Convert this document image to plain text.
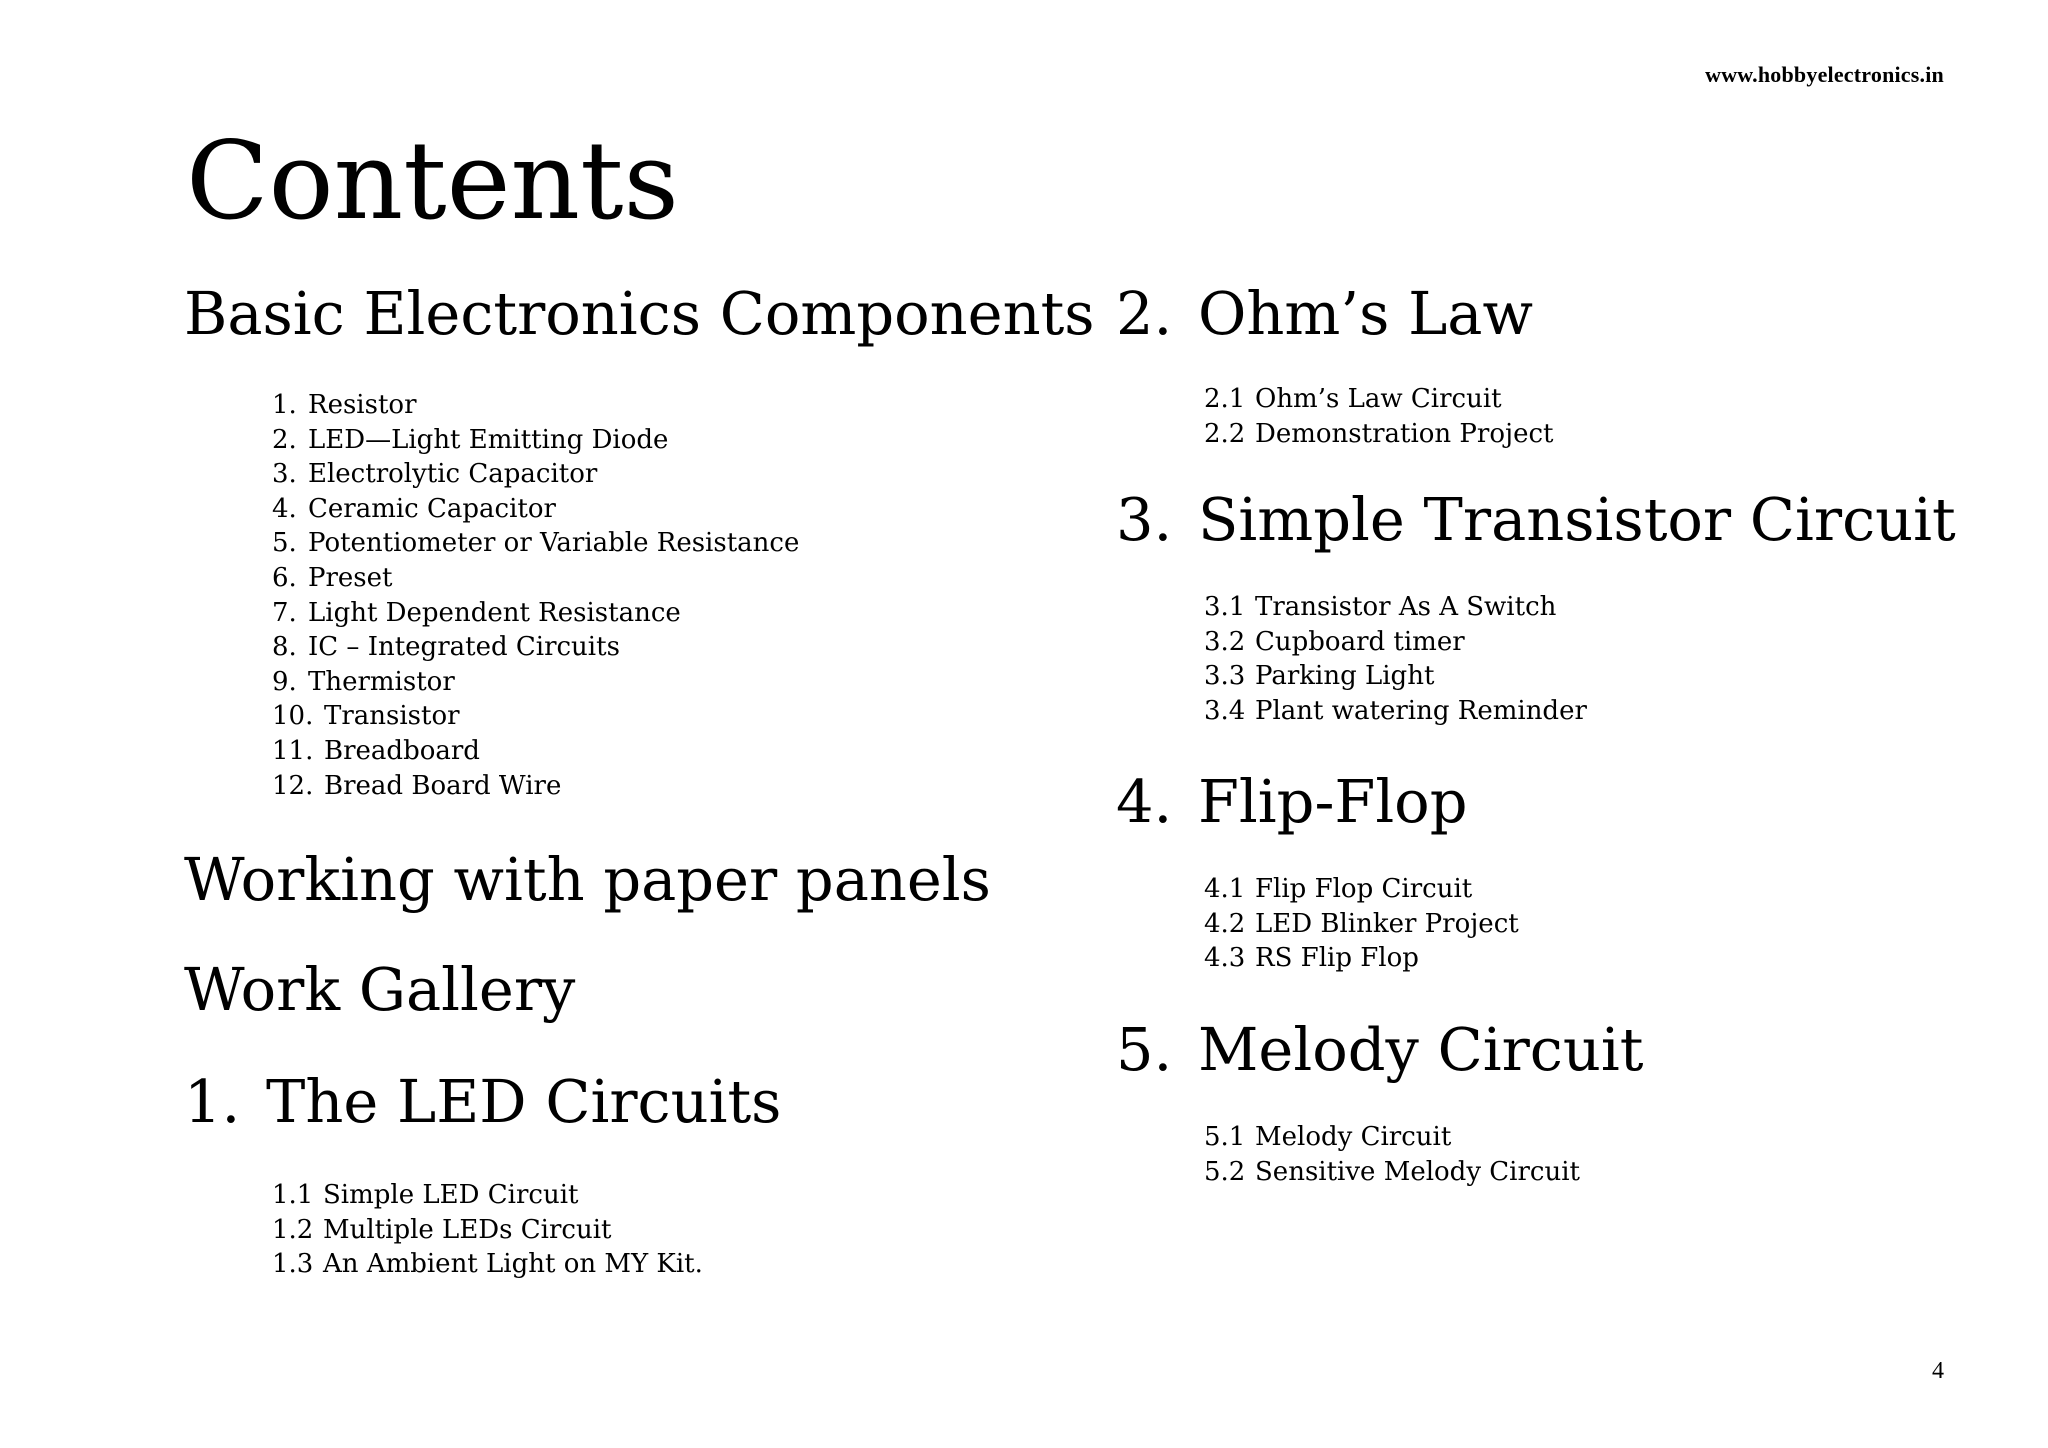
www.hobbyelectronics.in
Contents
Basic Electronics Components
1. Resistor
2. LED—Light Emitting Diode
3. Electrolytic Capacitor
4. Ceramic Capacitor
5. Potentiometer or Variable Resistance
6. Preset
7. Light Dependent Resistance
8. IC – Integrated Circuits
9. Thermistor
10. Transistor
11. Breadboard
12. Bread Board Wire
Working with paper panels
Work Gallery
1. The LED Circuits
1.1 Simple LED Circuit
1.2 Multiple LEDs Circuit
1.3 An Ambient Light on MY Kit.
2. Ohm’s Law
2.1 Ohm’s Law Circuit
2.2 Demonstration Project
3. Simple Transistor Circuit
3.1 Transistor As A Switch
3.2 Cupboard timer
3.3 Parking Light
3.4 Plant watering Reminder
4. Flip-Flop
4.1 Flip Flop Circuit
4.2 LED Blinker Project
4.3 RS Flip Flop
5. Melody Circuit
5.1 Melody Circuit
5.2 Sensitive Melody Circuit
4
